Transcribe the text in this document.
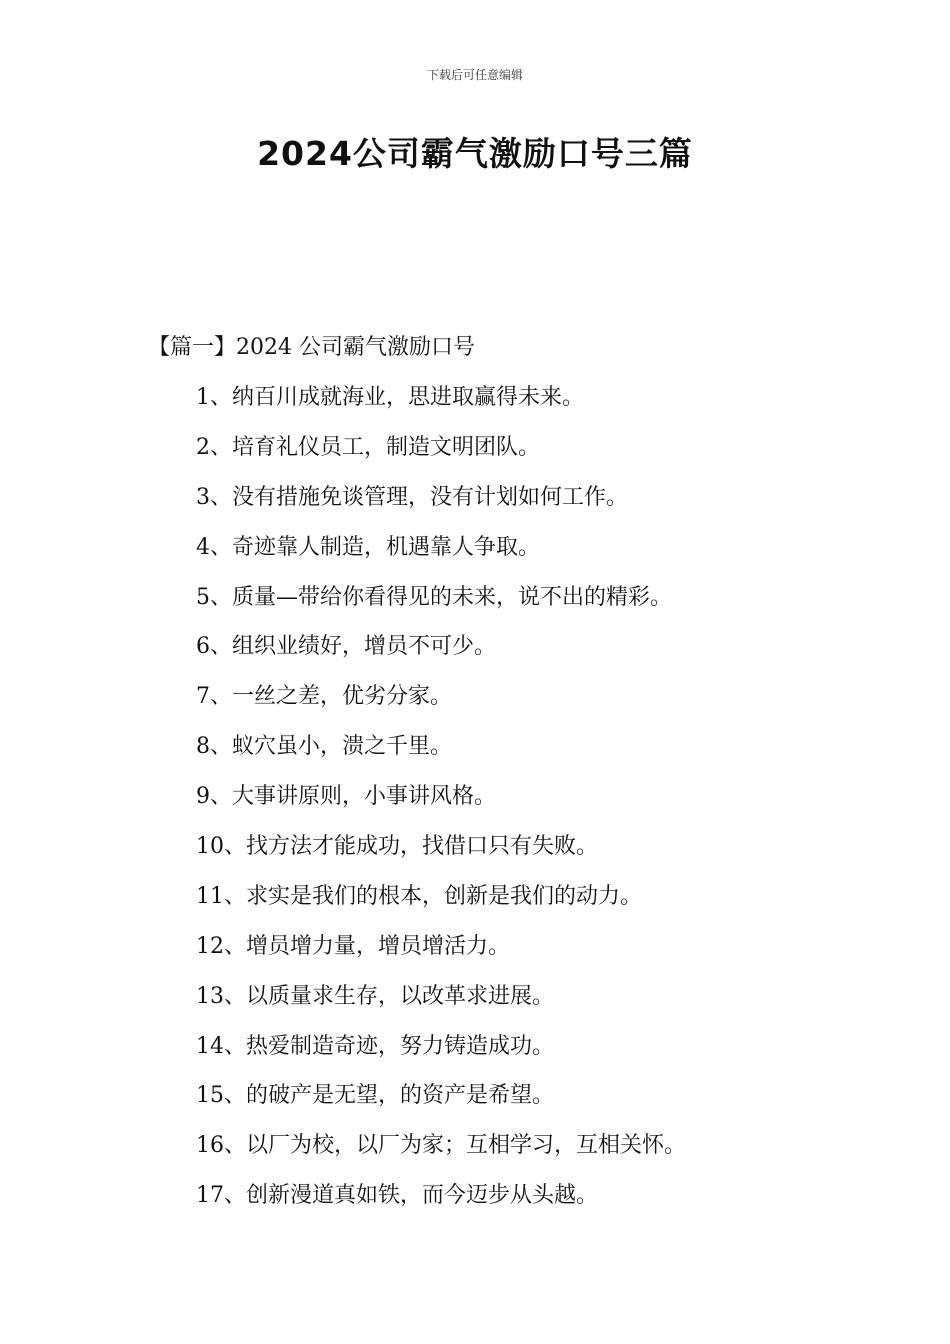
下载后可任意编辑
2024公司霸气激励口号三篇
【篇一】2024 公司霸气激励口号
1、纳百川成就海业，思进取赢得未来。
2、培育礼仪员工，制造文明团队。
3、没有措施免谈管理，没有计划如何工作。
4、奇迹靠人制造，机遇靠人争取。
5、质量—带给你看得见的未来，说不出的精彩。
6、组织业绩好，增员不可少。
7、一丝之差，优劣分家。
8、蚁穴虽小，溃之千里。
9、大事讲原则，小事讲风格。
10、找方法才能成功，找借口只有失败。
11、求实是我们的根本，创新是我们的动力。
12、增员增力量，增员增活力。
13、以质量求生存，以改革求进展。
14、热爱制造奇迹，努力铸造成功。
15、的破产是无望，的资产是希望。
16、以厂为校，以厂为家；互相学习，互相关怀。
17、创新漫道真如铁，而今迈步从头越。
